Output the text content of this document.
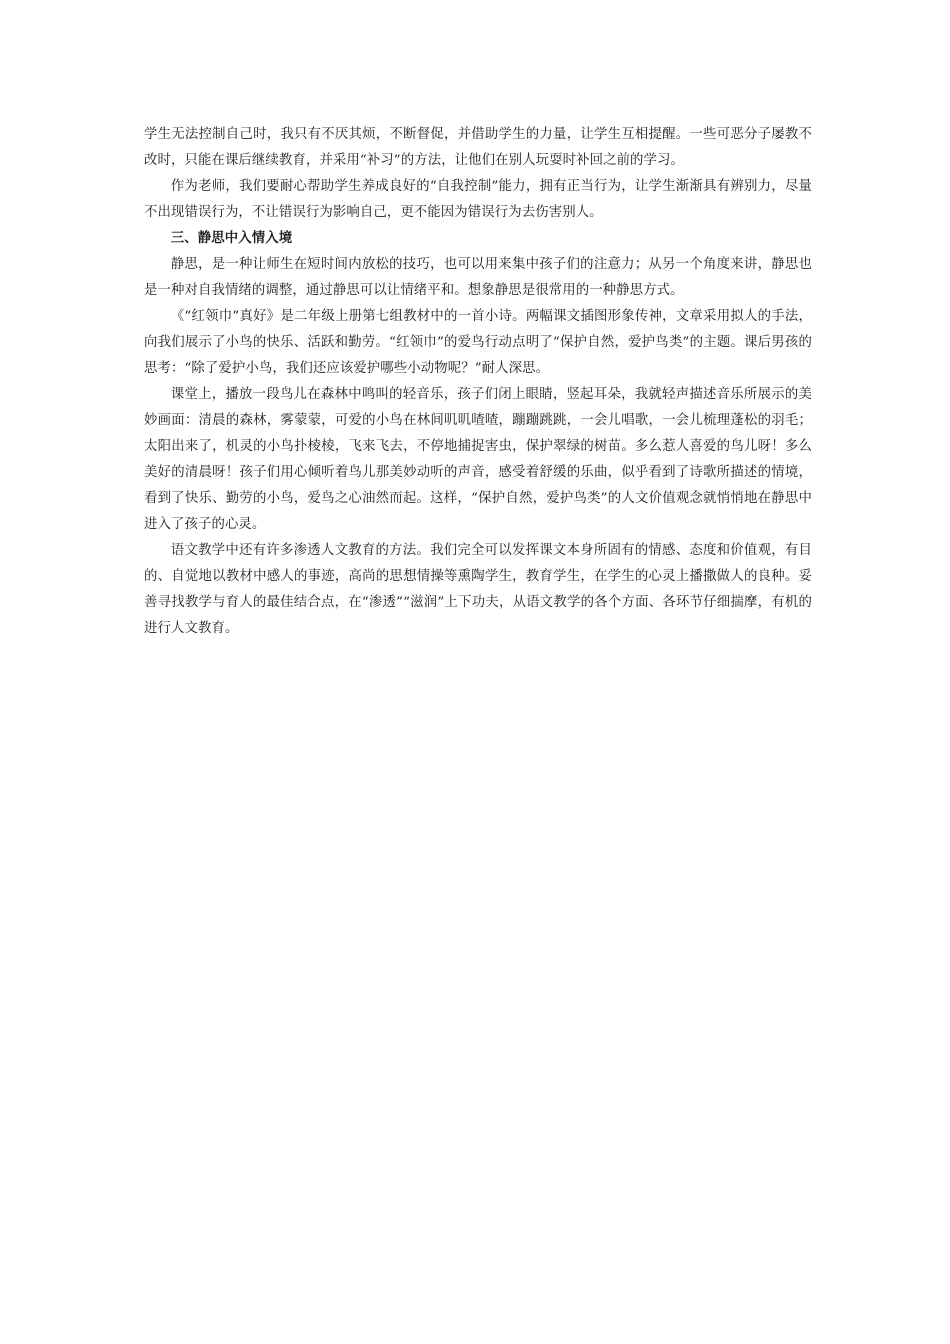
学生无法控制自己时，我只有不厌其烦，不断督促，并借助学生的力量，让学生互相提醒。一些可恶分子屡教不改时，只能在课后继续教育，并采用“补习”的方法，让他们在别人玩耍时补回之前的学习。

作为老师，我们要耐心帮助学生养成良好的“自我控制”能力，拥有正当行为，让学生渐渐具有辨别力，尽量不出现错误行为，不让错误行为影响自己，更不能因为错误行为去伤害别人。

三、静思中入情入境

静思，是一种让师生在短时间内放松的技巧，也可以用来集中孩子们的注意力；从另一个角度来讲，静思也是一种对自我情绪的调整，通过静思可以让情绪平和。想象静思是很常用的一种静思方式。

《“红领巾”真好》是二年级上册第七组教材中的一首小诗。两幅课文插图形象传神，文章采用拟人的手法，向我们展示了小鸟的快乐、活跃和勤劳。“红领巾”的爱鸟行动点明了“保护自然，爱护鸟类”的主题。课后男孩的思考：“除了爱护小鸟，我们还应该爱护哪些小动物呢？”耐人深思。

课堂上，播放一段鸟儿在森林中鸣叫的轻音乐，孩子们闭上眼睛，竖起耳朵，我就轻声描述音乐所展示的美妙画面：清晨的森林，雾蒙蒙，可爱的小鸟在林间叽叽喳喳，蹦蹦跳跳，一会儿唱歌，一会儿梳理蓬松的羽毛；太阳出来了，机灵的小鸟扑棱棱，飞来飞去，不停地捕捉害虫，保护翠绿的树苗。多么惹人喜爱的鸟儿呀！多么美好的清晨呀！孩子们用心倾听着鸟儿那美妙动听的声音，感受着舒缓的乐曲，似乎看到了诗歌所描述的情境，看到了快乐、勤劳的小鸟，爱鸟之心油然而起。这样，“保护自然，爱护鸟类”的人文价值观念就悄悄地在静思中进入了孩子的心灵。

语文教学中还有许多渗透人文教育的方法。我们完全可以发挥课文本身所固有的情感、态度和价值观，有目的、自觉地以教材中感人的事迹，高尚的思想情操等熏陶学生，教育学生，在学生的心灵上播撒做人的良种。妥善寻找教学与育人的最佳结合点，在“渗透”“滋润”上下功夫，从语文教学的各个方面、各环节仔细揣摩，有机的进行人文教育。
